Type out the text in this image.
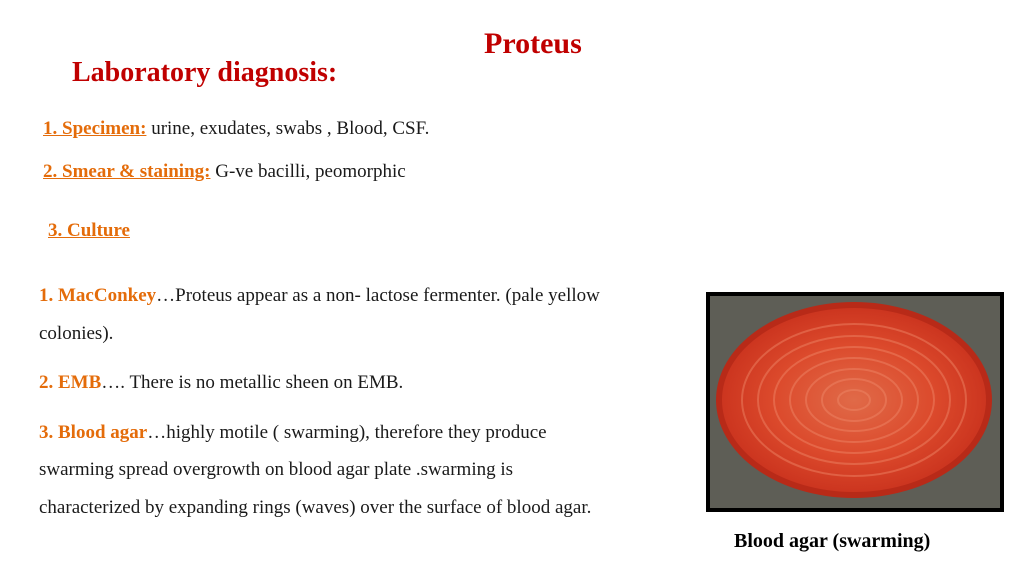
Proteus
Laboratory diagnosis:
1. Specimen: urine, exudates, swabs , Blood, CSF.
2. Smear & staining: G-ve bacilli, peomorphic
3. Culture
1. MacConkey…Proteus appear as a non- lactose fermenter. (pale yellow
colonies).
2. EMB…. There is no metallic sheen on EMB.
3. Blood agar…highly motile ( swarming), therefore they produce
swarming spread overgrowth on blood agar plate .swarming is
characterized by expanding rings (waves) over the surface of blood agar.
Blood agar (swarming)
